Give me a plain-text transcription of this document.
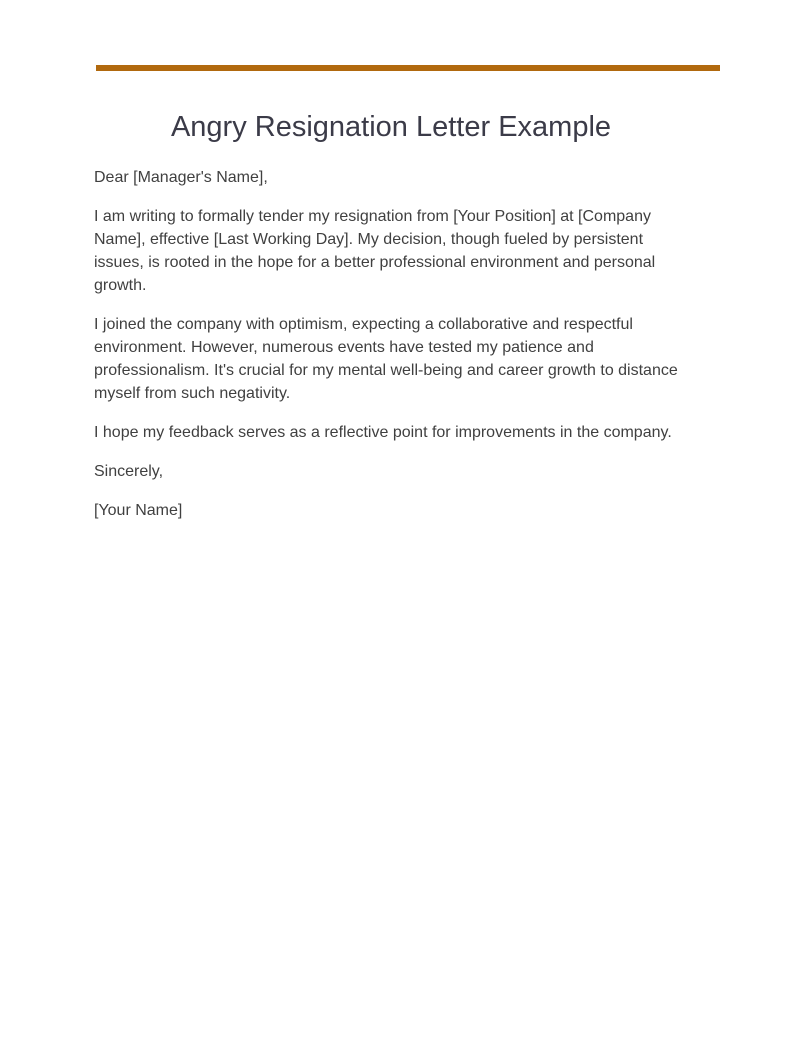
Angry Resignation Letter Example

Dear [Manager's Name],

I am writing to formally tender my resignation from [Your Position] at [Company Name], effective [Last Working Day]. My decision, though fueled by persistent issues, is rooted in the hope for a better professional environment and personal growth.

I joined the company with optimism, expecting a collaborative and respectful environment. However, numerous events have tested my patience and professionalism. It's crucial for my mental well-being and career growth to distance myself from such negativity.

I hope my feedback serves as a reflective point for improvements in the company.

Sincerely,

[Your Name]
